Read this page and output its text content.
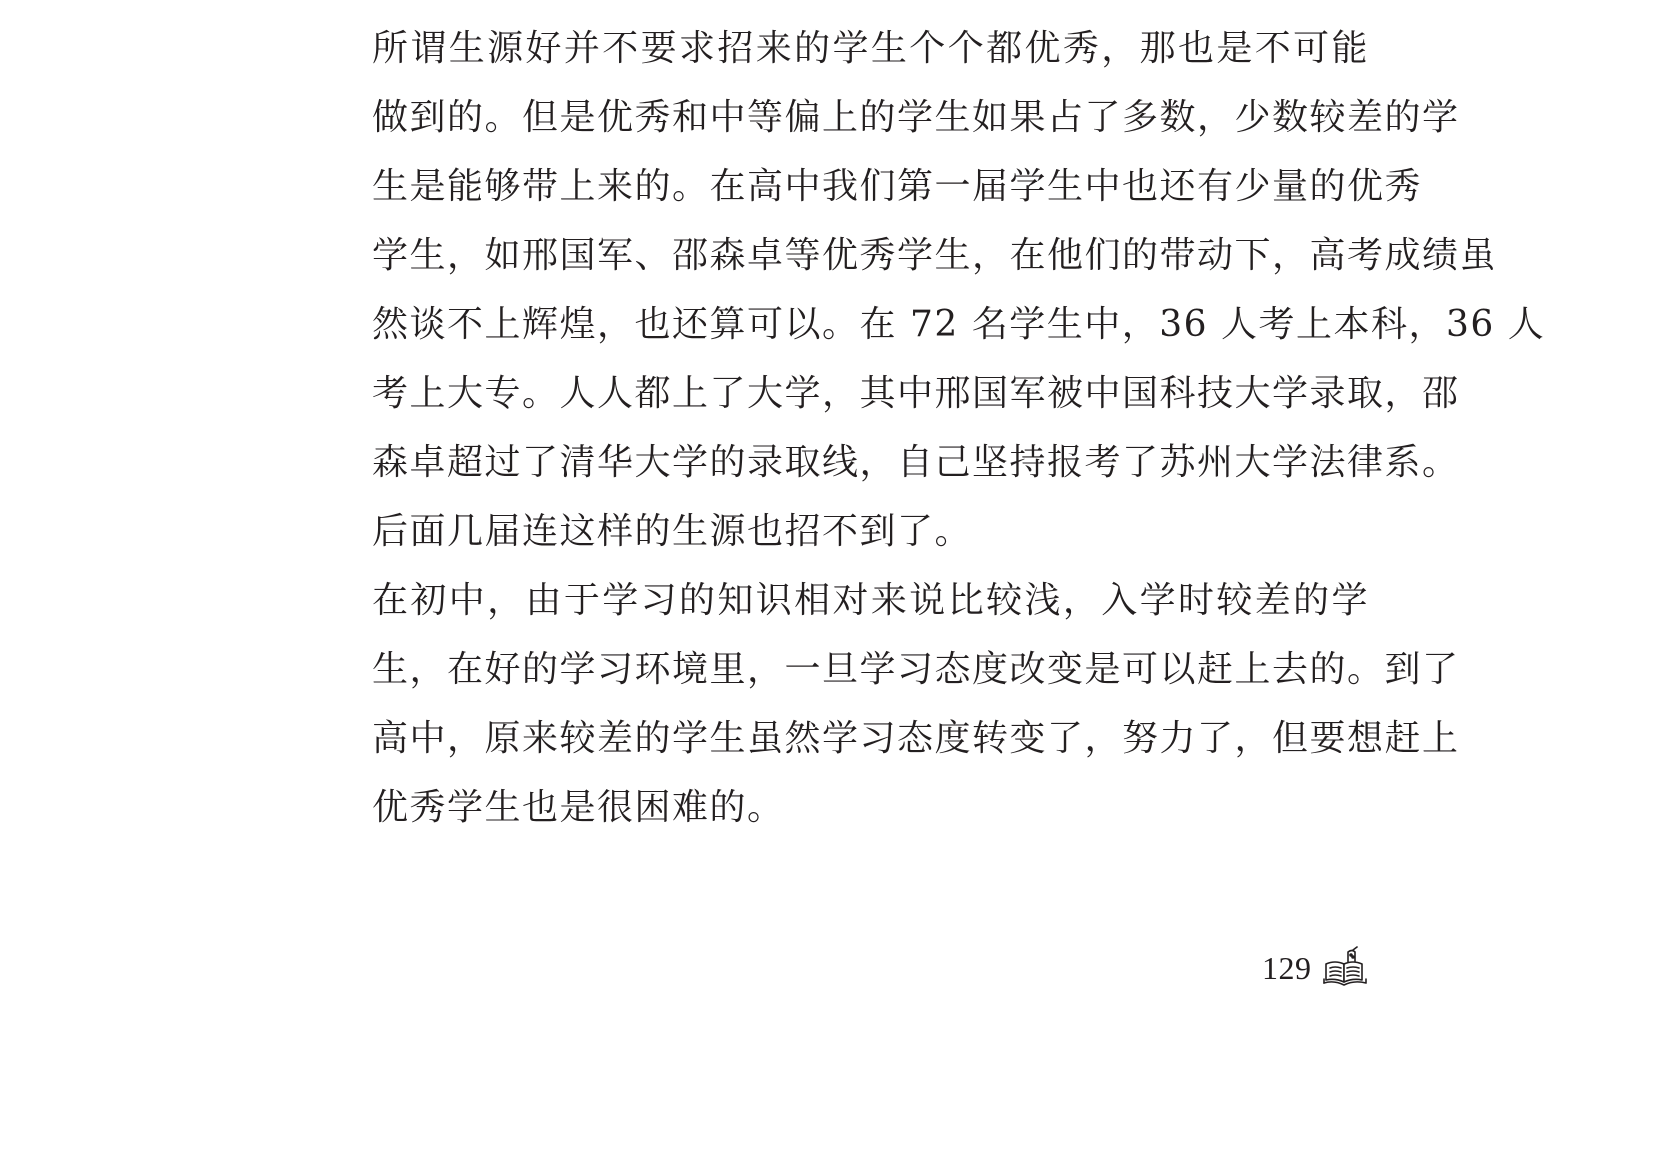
所谓生源好并不要求招来的学生个个都优秀，那也是不可能
做到的。但是优秀和中等偏上的学生如果占了多数，少数较差的学
生是能够带上来的。在高中我们第一届学生中也还有少量的优秀
学生，如邢国军、邵森卓等优秀学生，在他们的带动下，高考成绩虽
然谈不上辉煌，也还算可以。在 72 名学生中，36 人考上本科，36 人
考上大专。人人都上了大学，其中邢国军被中国科技大学录取，邵
森卓超过了清华大学的录取线，自己坚持报考了苏州大学法律系。
后面几届连这样的生源也招不到了。

在初中，由于学习的知识相对来说比较浅，入学时较差的学
生，在好的学习环境里，一旦学习态度改变是可以赶上去的。到了
高中，原来较差的学生虽然学习态度转变了，努力了，但要想赶上
优秀学生也是很困难的。

129
